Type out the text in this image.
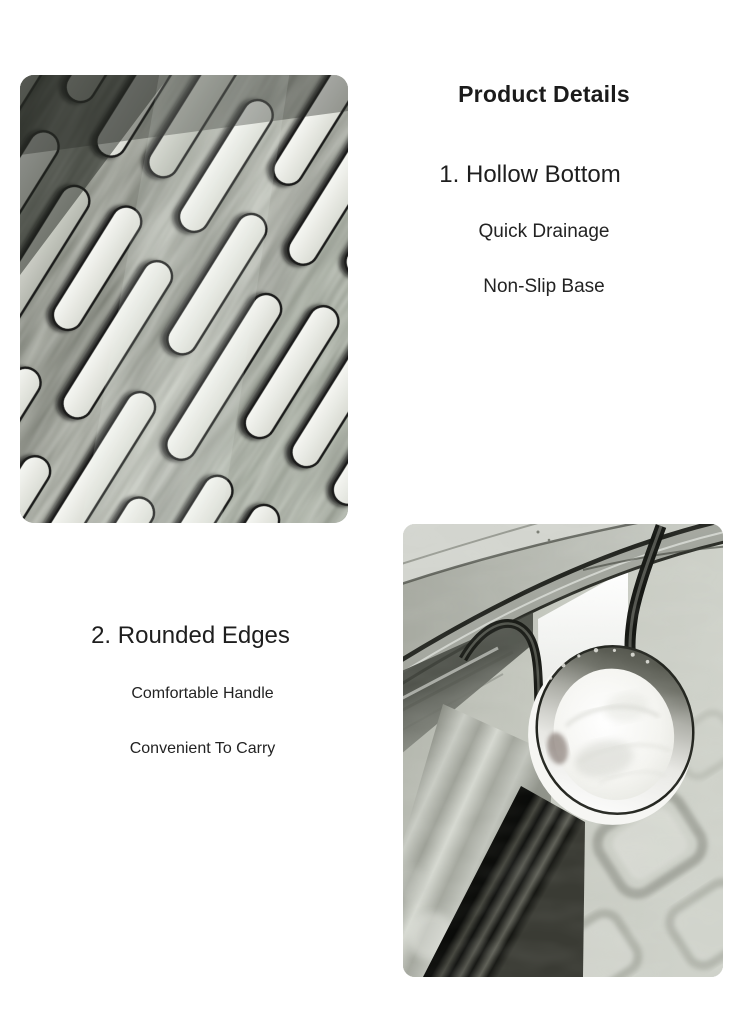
Product Details
1. Hollow Bottom
Quick Drainage
Non-Slip Base
2. Rounded Edges
Comfortable Handle
Convenient To Carry
